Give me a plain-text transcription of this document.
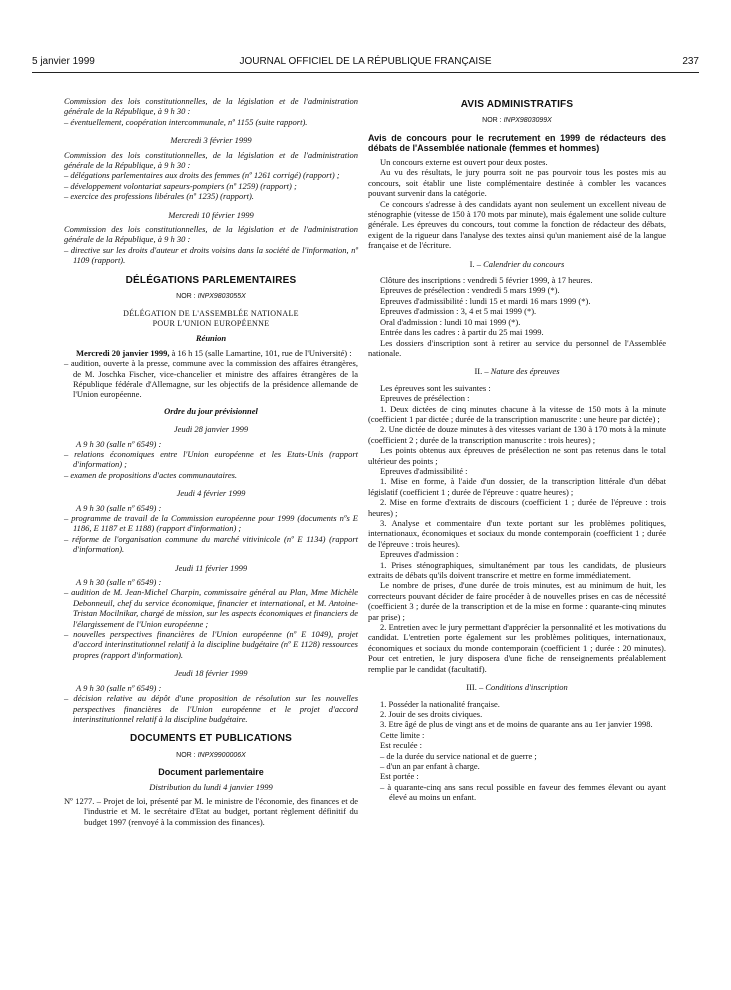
5 janvier 1999	JOURNAL OFFICIEL DE LA RÉPUBLIQUE FRANÇAISE	237

Commission des lois constitutionnelles, de la législation et de l'administration générale de la République, à 9 h 30 :

– éventuellement, coopération intercommunale, nº 1155 (suite rapport).

Mercredi 3 février 1999

Commission des lois constitutionnelles, de la législation et de l'administration générale de la République, à 9 h 30 :

– délégations parlementaires aux droits des femmes (nº 1261 corrigé) (rapport) ;

– développement volontariat sapeurs-pompiers (nº 1259) (rapport) ;

– exercice des professions libérales (nº 1235) (rapport).

Mercredi 10 février 1999

Commission des lois constitutionnelles, de la législation et de l'administration générale de la République, à 9 h 30 :

– directive sur les droits d'auteur et droits voisins dans la société de l'information, nº 1109 (rapport).

DÉLÉGATIONS PARLEMENTAIRES

NOR : INPX9803055X

DÉLÉGATION DE L'ASSEMBLÉE NATIONALE

POUR L'UNION EUROPÉENNE

Réunion

Mercredi 20 janvier 1999, à 16 h 15 (salle Lamartine, 101, rue de l'Université) :

– audition, ouverte à la presse, commune avec la commission des affaires étrangères, de M. Joschka Fischer, vice-chancelier et ministre des affaires étrangères de la République fédérale d'Allemagne, sur les objectifs de la présidence allemande de l'Union européenne.

Ordre du jour prévisionnel

Jeudi 28 janvier 1999

A 9 h 30 (salle nº 6549) :

– relations économiques entre l'Union européenne et les Etats-Unis (rapport d'information) ;

– examen de propositions d'actes communautaires.

Jeudi 4 février 1999

A 9 h 30 (salle nº 6549) :

– programme de travail de la Commission européenne pour 1999 (documents nºs E 1186, E 1187 et E 1188) (rapport d'information) ;

– réforme de l'organisation commune du marché vitivinicole (nº E 1134) (rapport d'information).

Jeudi 11 février 1999

A 9 h 30 (salle nº 6549) :

– audition de M. Jean-Michel Charpin, commissaire général au Plan, Mme Michèle Debonneuil, chef du service économique, financier et international, et M. Antoine-Tristan Mocilnikar, chargé de mission, sur les aspects économiques et financiers de l'élargissement de l'Union européenne ;

– nouvelles perspectives financières de l'Union européenne (nº E 1049), projet d'accord interinstitutionnel relatif à la discipline budgétaire (nº E 1128) ressources propres (rapport d'information).

Jeudi 18 février 1999

A 9 h 30 (salle nº 6549) :

– décision relative au dépôt d'une proposition de résolution sur les nouvelles perspectives financières de l'Union européenne et le projet d'accord interinstitutionnel relatif à la discipline budgétaire.

DOCUMENTS ET PUBLICATIONS

NOR : INPX9900006X

Document parlementaire

Distribution du lundi 4 janvier 1999

Nº 1277. – Projet de loi, présenté par M. le ministre de l'économie, des finances et de l'industrie et M. le secrétaire d'Etat au budget, portant règlement définitif du budget 1997 (renvoyé à la commission des finances).

AVIS ADMINISTRATIFS

NOR : INPX9803099X

Avis de concours pour le recrutement en 1999 de rédacteurs des débats de l'Assemblée nationale (femmes et hommes)

Un concours externe est ouvert pour deux postes.

Au vu des résultats, le jury pourra soit ne pas pourvoir tous les postes mis au concours, soit établir une liste complémentaire destinée à combler les vacances pouvant survenir dans la catégorie.

Ce concours s'adresse à des candidats ayant non seulement un excellent niveau de sténographie (vitesse de 150 à 170 mots par minute), mais également une solide culture générale. Les épreuves du concours, tout comme la fonction de rédacteur des débats, exigent de la rigueur dans l'analyse des textes ainsi qu'un maniement aisé de la langue française et de l'écriture.

I. – Calendrier du concours

Clôture des inscriptions : vendredi 5 février 1999, à 17 heures.

Epreuves de présélection : vendredi 5 mars 1999 (*).

Epreuves d'admissibilité : lundi 15 et mardi 16 mars 1999 (*).

Epreuves d'admission : 3, 4 et 5 mai 1999 (*).

Oral d'admission : lundi 10 mai 1999 (*).

Entrée dans les cadres : à partir du 25 mai 1999.

Les dossiers d'inscription sont à retirer au service du personnel de l'Assemblée nationale.

II. – Nature des épreuves

Les épreuves sont les suivantes :

Epreuves de présélection :

1. Deux dictées de cinq minutes chacune à la vitesse de 150 mots à la minute (coefficient 1 par dictée ; durée de la transcription manuscrite : une heure par dictée) ;

2. Une dictée de douze minutes à des vitesses variant de 130 à 170 mots à la minute (coefficient 2 ; durée de la transcription manuscrite : trois heures) ;

Les points obtenus aux épreuves de présélection ne sont pas retenus dans le total ultérieur des points ;

Epreuves d'admissibilité :

1. Mise en forme, à l'aide d'un dossier, de la transcription littérale d'un débat législatif (coefficient 1 ; durée de l'épreuve : quatre heures) ;

2. Mise en forme d'extraits de discours (coefficient 1 ; durée de l'épreuve : trois heures) ;

3. Analyse et commentaire d'un texte portant sur les problèmes politiques, internationaux, économiques et sociaux du monde contemporain (coefficient 1 ; durée de l'épreuve : trois heures).

Epreuves d'admission :

1. Prises sténographiques, simultanément par tous les candidats, de plusieurs extraits de débats qu'ils doivent transcrire et mettre en forme immédiatement.

Le nombre de prises, d'une durée de trois minutes, est au minimum de huit, les correcteurs pouvant décider de faire procéder à de nouvelles prises en cas de nécessité (coefficient 3 ; durée de la transcription et de la mise en forme : quarante-cinq minutes par prise) ;

2. Entretien avec le jury permettant d'apprécier la personnalité et les motivations du candidat. L'entretien porte également sur les problèmes politiques, internationaux, économiques et sociaux du monde contemporain (coefficient 1 ; durée : 20 minutes). Pour cet entretien, le jury disposera d'une fiche de renseignements préalablement remplie par le candidat (facultatif).

III. – Conditions d'inscription

1. Posséder la nationalité française.

2. Jouir de ses droits civiques.

3. Etre âgé de plus de vingt ans et de moins de quarante ans au 1er janvier 1998.

Cette limite :

Est reculée :

– de la durée du service national et de guerre ;

– d'un an par enfant à charge.

Est portée :

– à quarante-cinq ans sans recul possible en faveur des femmes élevant ou ayant élevé au moins un enfant.
